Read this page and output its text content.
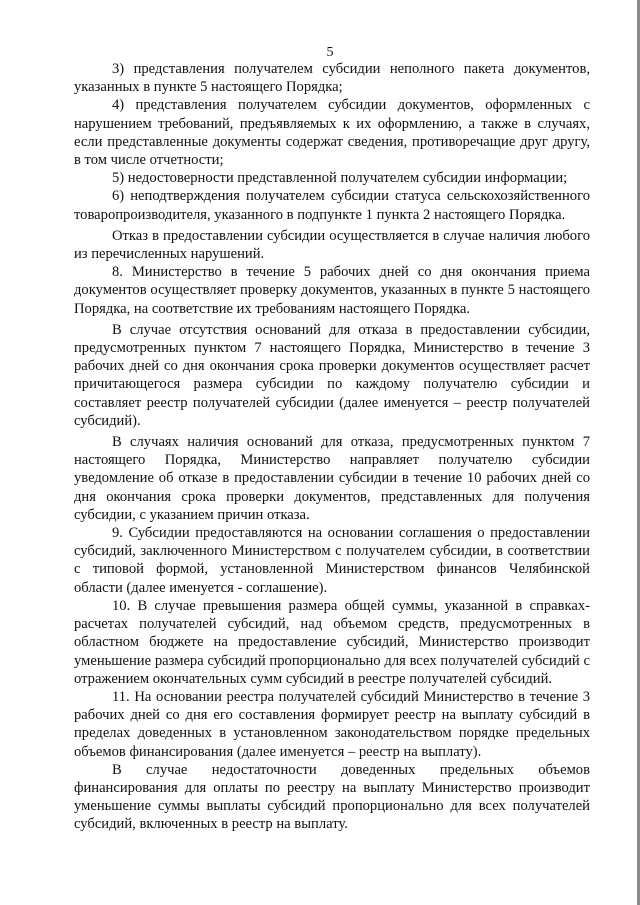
5

3) представления получателем субсидии неполного пакета документов, указанных в пункте 5 настоящего Порядка;

4) представления получателем субсидии документов, оформленных с нарушением требований, предъявляемых к их оформлению, а также в случаях, если представленные документы содержат сведения, противоречащие друг другу, в том числе отчетности;

5) недостоверности представленной получателем субсидии информации;

6) неподтверждения получателем субсидии статуса сельскохозяйственного товаропроизводителя, указанного в подпункте 1 пункта 2 настоящего Порядка.

Отказ в предоставлении субсидии осуществляется в случае наличия любого из перечисленных нарушений.

8. Министерство в течение 5 рабочих дней со дня окончания приема документов осуществляет проверку документов, указанных в пункте 5 настоящего Порядка, на соответствие их требованиям настоящего Порядка.

В случае отсутствия оснований для отказа в предоставлении субсидии, предусмотренных пунктом 7 настоящего Порядка, Министерство в течение 3 рабочих дней со дня окончания срока проверки документов осуществляет расчет причитающегося размера субсидии по каждому получателю субсидии и составляет реестр получателей субсидии (далее именуется – реестр получателей субсидий).

В случаях наличия оснований для отказа, предусмотренных пунктом 7 настоящего Порядка, Министерство направляет получателю субсидии уведомление об отказе в предоставлении субсидии в течение 10 рабочих дней со дня окончания срока проверки документов, представленных для получения субсидии, с указанием причин отказа.

9. Субсидии предоставляются на основании соглашения о предоставлении субсидий, заключенного Министерством с получателем субсидии, в соответствии с типовой формой, установленной Министерством финансов Челябинской области (далее именуется - соглашение).

10. В случае превышения размера общей суммы, указанной в справках-расчетах получателей субсидий, над объемом средств, предусмотренных в областном бюджете на предоставление субсидий, Министерство производит уменьшение размера субсидий пропорционально для всех получателей субсидий с отражением окончательных сумм субсидий в реестре получателей субсидий.

11. На основании реестра получателей субсидий Министерство в течение 3 рабочих дней со дня его составления формирует реестр на выплату субсидий в пределах доведенных в установленном законодательством порядке предельных объемов финансирования (далее именуется – реестр на выплату).

В случае недостаточности доведенных предельных объемов финансирования для оплаты по реестру на выплату Министерство производит уменьшение суммы выплаты субсидий пропорционально для всех получателей субсидий, включенных в реестр на выплату.
